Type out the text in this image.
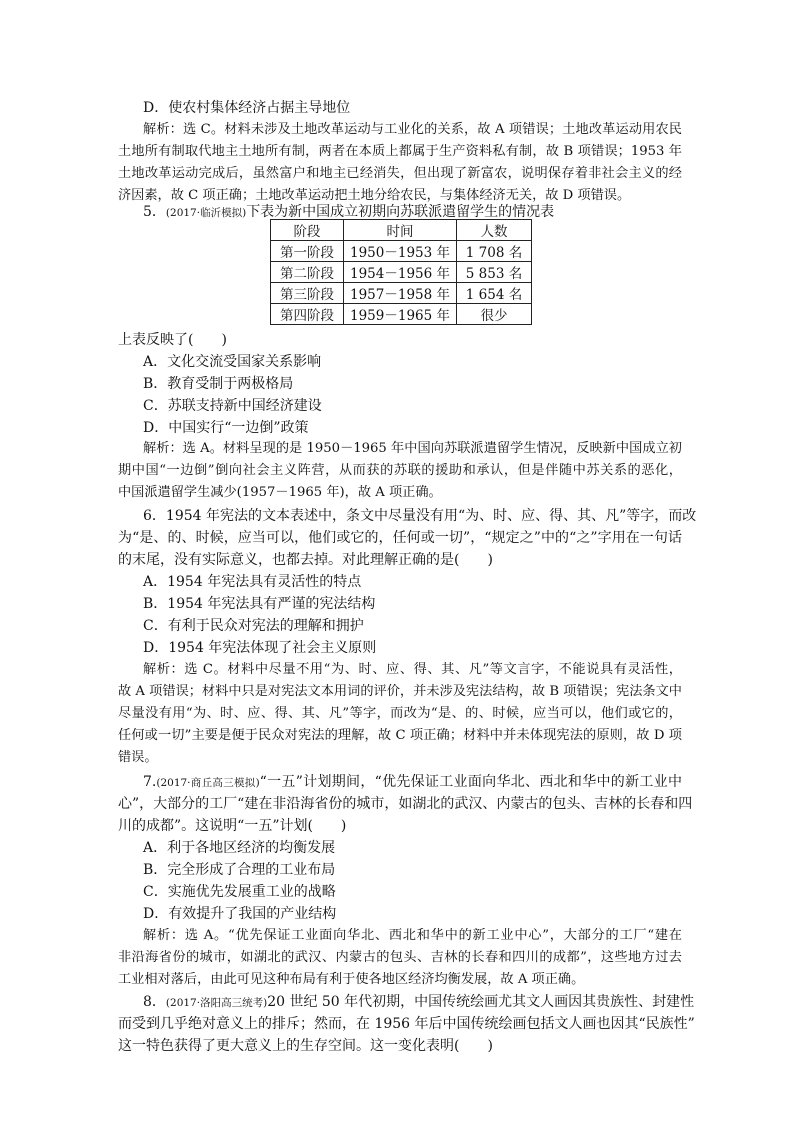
D．使农村集体经济占据主导地位
解析：选 C。材料未涉及土地改革运动与工业化的关系，故 A 项错误；土地改革运动用农民
土地所有制取代地主土地所有制，两者在本质上都属于生产资料私有制，故 B 项错误；1953 年
土地改革运动完成后，虽然富户和地主已经消失，但出现了新富农，说明保存着非社会主义的经
济因素，故 C 项正确；土地改革运动把土地分给农民，与集体经济无关，故 D 项错误。
5．(2017·临沂模拟)下表为新中国成立初期向苏联派遣留学生的情况表
阶段	时间	人数
第一阶段	1950－1953 年	1 708 名
第二阶段	1954－1956 年	5 853 名
第三阶段	1957－1958 年	1 654 名
第四阶段	1959－1965 年	很少
上表反映了(　　)
A．文化交流受国家关系影响
B．教育受制于两极格局
C．苏联支持新中国经济建设
D．中国实行“一边倒”政策
解析：选 A。材料呈现的是 1950－1965 年中国向苏联派遣留学生情况，反映新中国成立初
期中国“一边倒”倒向社会主义阵营，从而获的苏联的援助和承认，但是伴随中苏关系的恶化，
中国派遣留学生减少(1957－1965 年)，故 A 项正确。
6．1954 年宪法的文本表述中，条文中尽量没有用“为、时、应、得、其、凡”等字，而改
为“是、的、时候，应当可以，他们或它的，任何或一切”，“规定之”中的“之”字用在一句话
的末尾，没有实际意义，也都去掉。对此理解正确的是(　　)
A．1954 年宪法具有灵活性的特点
B．1954 年宪法具有严谨的宪法结构
C．有利于民众对宪法的理解和拥护
D．1954 年宪法体现了社会主义原则
解析：选 C。材料中尽量不用“为、时、应、得、其、凡”等文言字，不能说具有灵活性，
故 A 项错误；材料中只是对宪法文本用词的评价，并未涉及宪法结构，故 B 项错误；宪法条文中
尽量没有用“为、时、应、得、其、凡”等字，而改为“是、的、时候，应当可以，他们或它的，
任何或一切”主要是便于民众对宪法的理解，故 C 项正确；材料中并未体现宪法的原则，故 D 项
错误。
7.(2017·商丘高三模拟)“一五”计划期间，“优先保证工业面向华北、西北和华中的新工业中
心”，大部分的工厂“建在非沿海省份的城市，如湖北的武汉、内蒙古的包头、吉林的长春和四
川的成都”。这说明“一五”计划(　　)
A．利于各地区经济的均衡发展
B．完全形成了合理的工业布局
C．实施优先发展重工业的战略
D．有效提升了我国的产业结构
解析：选 A。“优先保证工业面向华北、西北和华中的新工业中心”，大部分的工厂“建在
非沿海省份的城市，如湖北的武汉、内蒙古的包头、吉林的长春和四川的成都”，这些地方过去
工业相对落后，由此可见这种布局有利于使各地区经济均衡发展，故 A 项正确。
8．(2017·洛阳高三统考)20 世纪 50 年代初期，中国传统绘画尤其文人画因其贵族性、封建性
而受到几乎绝对意义上的排斥；然而，在 1956 年后中国传统绘画包括文人画也因其“民族性”
这一特色获得了更大意义上的生存空间。这一变化表明(　　)
